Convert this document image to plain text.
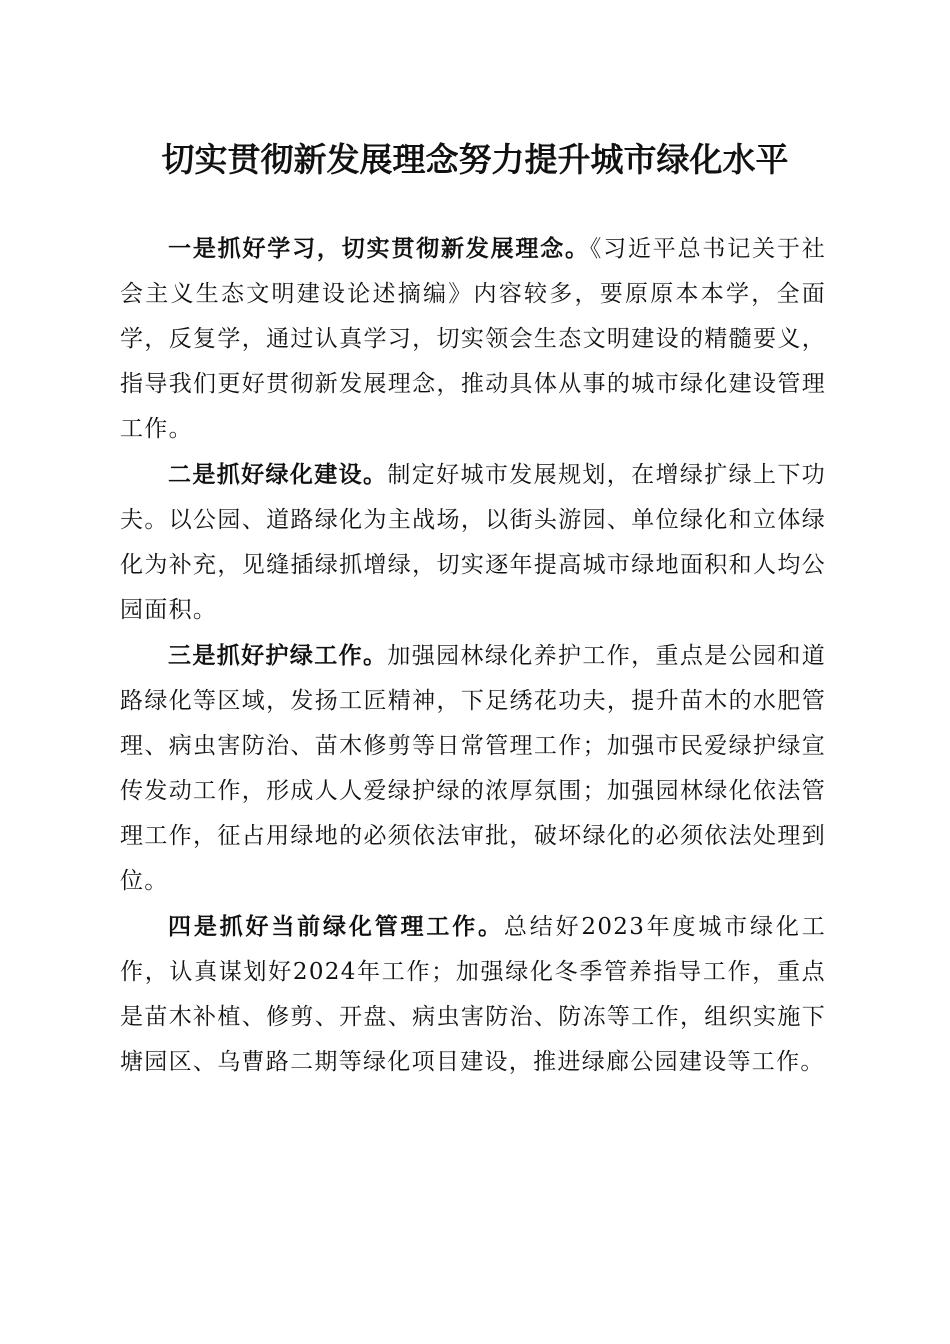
切实贯彻新发展理念努力提升城市绿化水平

一是抓好学习，切实贯彻新发展理念。《习近平总书记关于社会主义生态文明建设论述摘编》内容较多，要原原本本学，全面学，反复学，通过认真学习，切实领会生态文明建设的精髓要义，指导我们更好贯彻新发展理念，推动具体从事的城市绿化建设管理工作。

二是抓好绿化建设。制定好城市发展规划，在增绿扩绿上下功夫。以公园、道路绿化为主战场，以街头游园、单位绿化和立体绿化为补充，见缝插绿抓增绿，切实逐年提高城市绿地面积和人均公园面积。

三是抓好护绿工作。加强园林绿化养护工作，重点是公园和道路绿化等区域，发扬工匠精神，下足绣花功夫，提升苗木的水肥管理、病虫害防治、苗木修剪等日常管理工作；加强市民爱绿护绿宣传发动工作，形成人人爱绿护绿的浓厚氛围；加强园林绿化依法管理工作，征占用绿地的必须依法审批，破坏绿化的必须依法处理到位。

四是抓好当前绿化管理工作。总结好2023年度城市绿化工作，认真谋划好2024年工作；加强绿化冬季管养指导工作，重点是苗木补植、修剪、开盘、病虫害防治、防冻等工作，组织实施下塘园区、乌曹路二期等绿化项目建设，推进绿廊公园建设等工作。
